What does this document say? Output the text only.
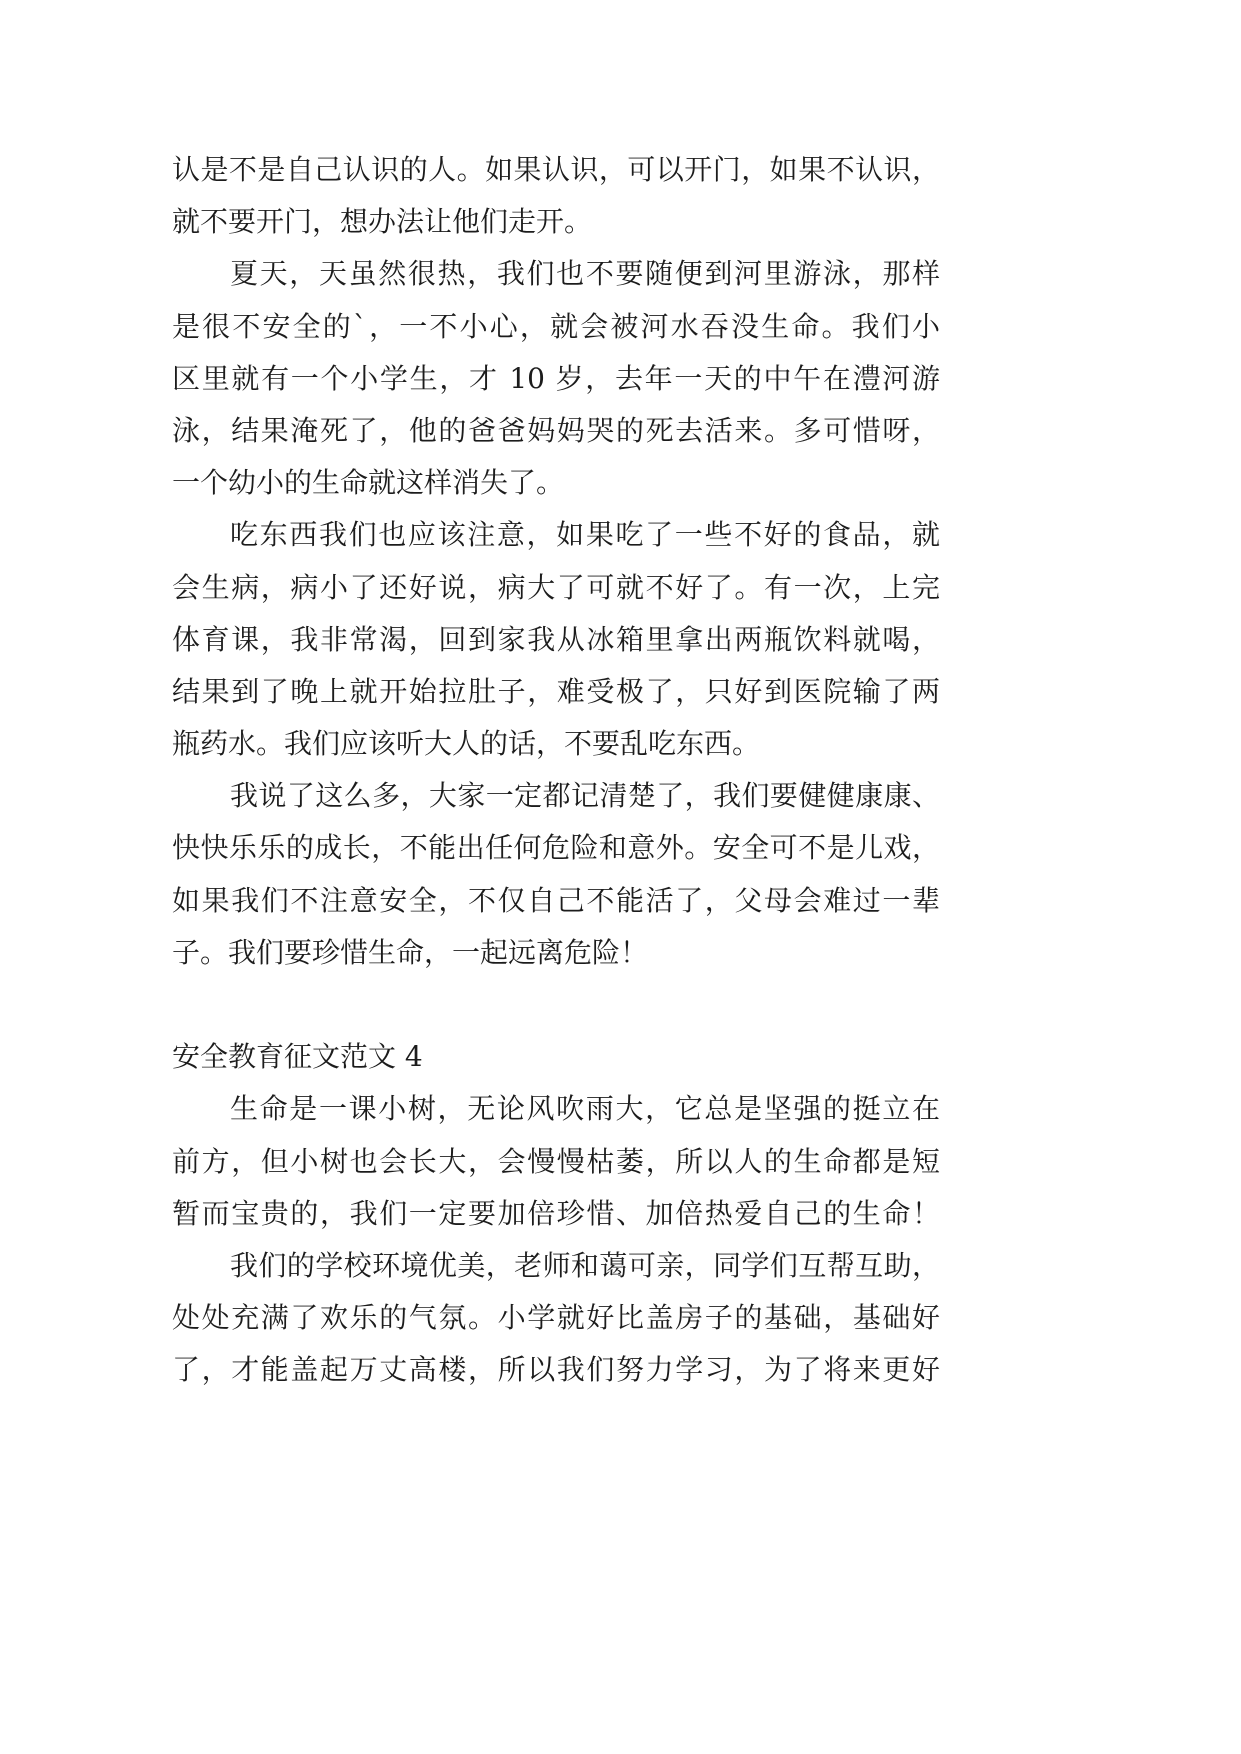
认是不是自己认识的人。如果认识，可以开门，如果不认识，
就不要开门，想办法让他们走开。
夏天，天虽然很热，我们也不要随便到河里游泳，那样
是很不安全的`，一不小心，就会被河水吞没生命。我们小
区里就有一个小学生，才 10 岁，去年一天的中午在澧河游
泳，结果淹死了，他的爸爸妈妈哭的死去活来。多可惜呀，
一个幼小的生命就这样消失了。
吃东西我们也应该注意，如果吃了一些不好的食品，就
会生病，病小了还好说，病大了可就不好了。有一次，上完
体育课，我非常渴，回到家我从冰箱里拿出两瓶饮料就喝，
结果到了晚上就开始拉肚子，难受极了，只好到医院输了两
瓶药水。我们应该听大人的话，不要乱吃东西。
我说了这么多，大家一定都记清楚了，我们要健健康康、
快快乐乐的成长，不能出任何危险和意外。安全可不是儿戏，
如果我们不注意安全，不仅自己不能活了，父母会难过一辈
子。我们要珍惜生命，一起远离危险！
安全教育征文范文 4
生命是一课小树，无论风吹雨大，它总是坚强的挺立在
前方，但小树也会长大，会慢慢枯萎，所以人的生命都是短
暂而宝贵的，我们一定要加倍珍惜、加倍热爱自己的生命！
我们的学校环境优美，老师和蔼可亲，同学们互帮互助，
处处充满了欢乐的气氛。小学就好比盖房子的基础，基础好
了，才能盖起万丈高楼，所以我们努力学习，为了将来更好
